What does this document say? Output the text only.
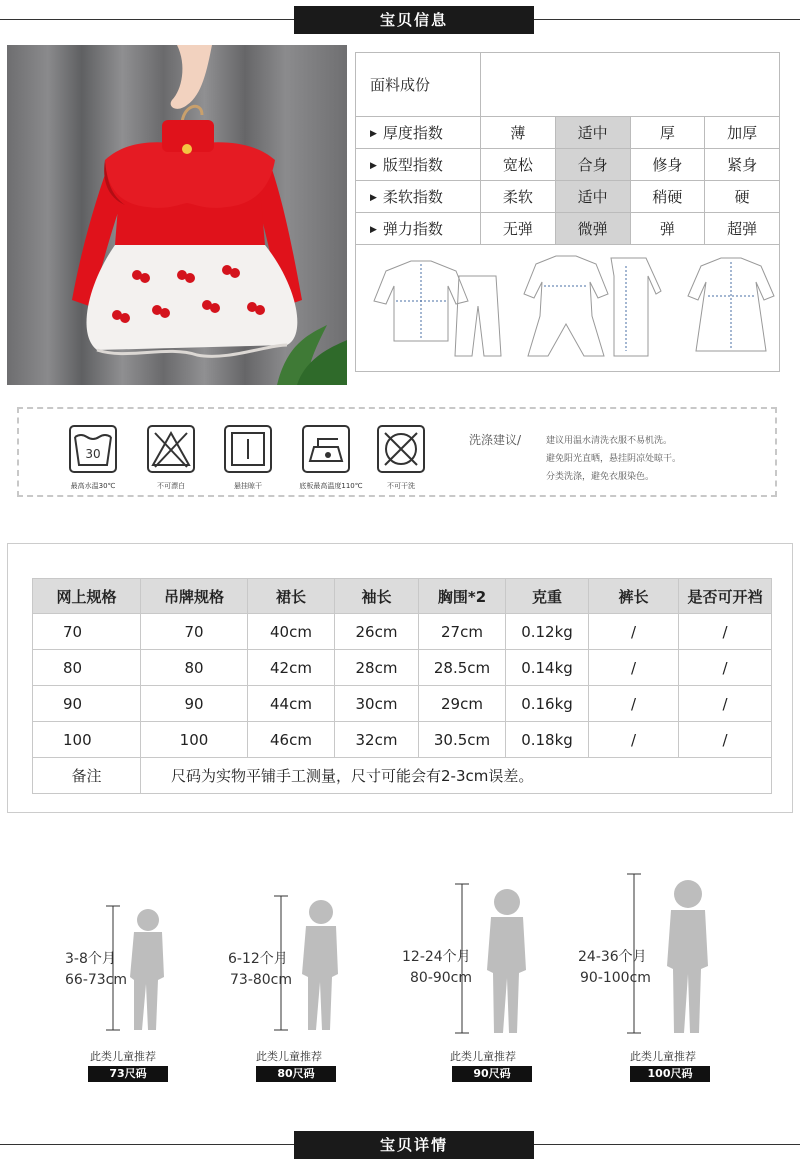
宝贝信息
面料成份				
▶ 厚度指数	薄	适中	厚	加厚
▶ 版型指数	宽松	合身	修身	紧身
▶ 柔软指数	柔软	适中	稍硬	硬
▶ 弹力指数	无弹	微弹	弹	超弹
30
最高水温30℃	不可漂白	悬挂晾干	底板最高温度110℃	不可干洗
洗涤建议/	建议用温水清洗衣服不易机洗。
避免阳光直晒，悬挂阴凉处晾干。
分类洗涤，避免衣服染色。
网上规格	吊牌规格	裙长	袖长	胸围*2	克重	裤长	是否可开裆
70	70	40cm	26cm	27cm	0.12kg	/	/
80	80	42cm	28cm	28.5cm	0.14kg	/	/
90	90	44cm	30cm	29cm	0.16kg	/	/
100	100	46cm	32cm	30.5cm	0.18kg	/	/
备注	尺码为实物平铺手工测量，尺寸可能会有2-3cm误差。						
3-8个月
66-73cm
此类儿童推荐
73尺码
6-12个月
73-80cm
此类儿童推荐
80尺码
12-24个月
80-90cm
此类儿童推荐
90尺码
24-36个月
90-100cm
此类儿童推荐
100尺码
宝贝详情
